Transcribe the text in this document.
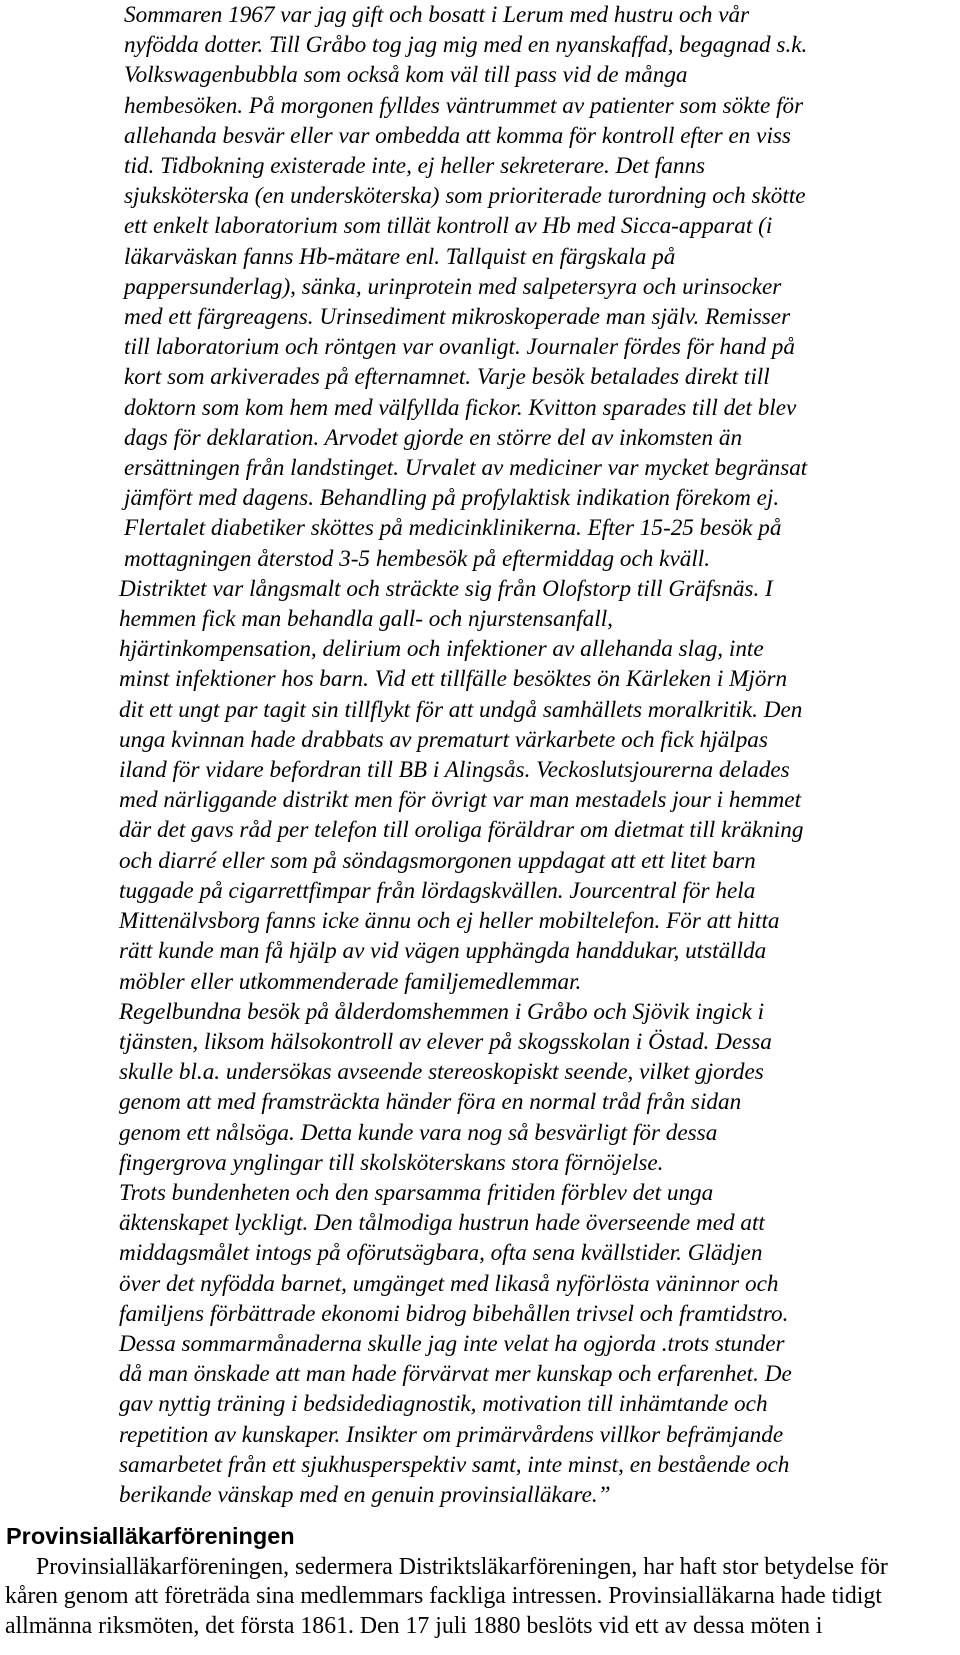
Sommaren 1967 var jag gift och bosatt i Lerum med hustru och vår
nyfödda dotter. Till Gråbo tog jag mig med en nyanskaffad, begagnad s.k.
Volkswagenbubbla som också kom väl till pass vid de många
hembesöken. På morgonen fylldes väntrummet av patienter som sökte för
allehanda besvär eller var ombedda att komma för kontroll efter en viss
tid. Tidbokning existerade inte, ej heller sekreterare. Det fanns
sjuksköterska (en undersköterska) som prioriterade turordning och skötte
ett enkelt laboratorium som tillät kontroll av Hb med Sicca-apparat (i
läkarväskan fanns Hb-mätare enl. Tallquist en färgskala på
pappersunderlag), sänka, urinprotein med salpetersyra och urinsocker
med ett färgreagens. Urinsediment mikroskoperade man själv. Remisser
till laboratorium och röntgen var ovanligt. Journaler fördes för hand på
kort som arkiverades på efternamnet. Varje besök betalades direkt till
doktorn som kom hem med välfyllda fickor. Kvitton sparades till det blev
dags för deklaration. Arvodet gjorde en större del av inkomsten än
ersättningen från landstinget. Urvalet av mediciner var mycket begränsat
jämfört med dagens. Behandling på profylaktisk indikation förekom ej.
Flertalet diabetiker sköttes på medicinklinikerna. Efter 15-25 besök på
mottagningen återstod 3-5 hembesök på eftermiddag och kväll.

Distriktet var långsmalt och sträckte sig från Olofstorp till Gräfsnäs. I
hemmen fick man behandla gall- och njurstensanfall,
hjärtinkompensation, delirium och infektioner av allehanda slag, inte
minst infektioner hos barn. Vid ett tillfälle besöktes ön Kärleken i Mjörn
dit ett ungt par tagit sin tillflykt för att undgå samhällets moralkritik. Den
unga kvinnan hade drabbats av prematurt värkarbete och fick hjälpas
iland för vidare befordran till BB i Alingsås. Veckoslutsjourerna delades
med närliggande distrikt men för övrigt var man mestadels jour i hemmet
där det gavs råd per telefon till oroliga föräldrar om dietmat till kräkning
och diarré eller som på söndagsmorgonen uppdagat att ett litet barn
tuggade på cigarrettfimpar från lördagskvällen. Jourcentral för hela
Mittenälvsborg fanns icke ännu och ej heller mobiltelefon. För att hitta
rätt kunde man få hjälp av vid vägen upphängda handdukar, utställda
möbler eller utkommenderade familjemedlemmar.

Regelbundna besök på ålderdomshemmen i Gråbo och Sjövik ingick i
tjänsten, liksom hälsokontroll av elever på skogsskolan i Östad. Dessa
skulle bl.a. undersökas avseende stereoskopiskt seende, vilket gjordes
genom att med framsträckta händer föra en normal tråd från sidan
genom ett nålsöga. Detta kunde vara nog så besvärligt för dessa
fingergrova ynglingar till skolsköterskans stora förnöjelse.

Trots bundenheten och den sparsamma fritiden förblev det unga
äktenskapet lyckligt. Den tålmodiga hustrun hade överseende med att
middagsmålet intogs på oförutsägbara, ofta sena kvällstider. Glädjen
över det nyfödda barnet, umgänget med likaså nyförlösta väninnor och
familjens förbättrade ekonomi bidrog bibehållen trivsel och framtidstro.

Dessa sommarmånaderna skulle jag inte velat ha ogjorda .trots stunder
då man önskade att man hade förvärvat mer kunskap och erfarenhet. De
gav nyttig träning i bedsidediagnostik, motivation till inhämtande och
repetition av kunskaper. Insikter om primärvårdens villkor befrämjande
samarbetet från ett sjukhusperspektiv samt, inte minst, en bestående och
berikande vänskap med en genuin provinsialläkare.”

Provinsialläkarföreningen
Provinsialläkarföreningen, sedermera Distriktsläkarföreningen, har haft stor betydelse för
kåren genom att företräda sina medlemmars fackliga intressen. Provinsialläkarna hade tidigt
allmänna riksmöten, det första 1861. Den 17 juli 1880 beslöts vid ett av dessa möten i
